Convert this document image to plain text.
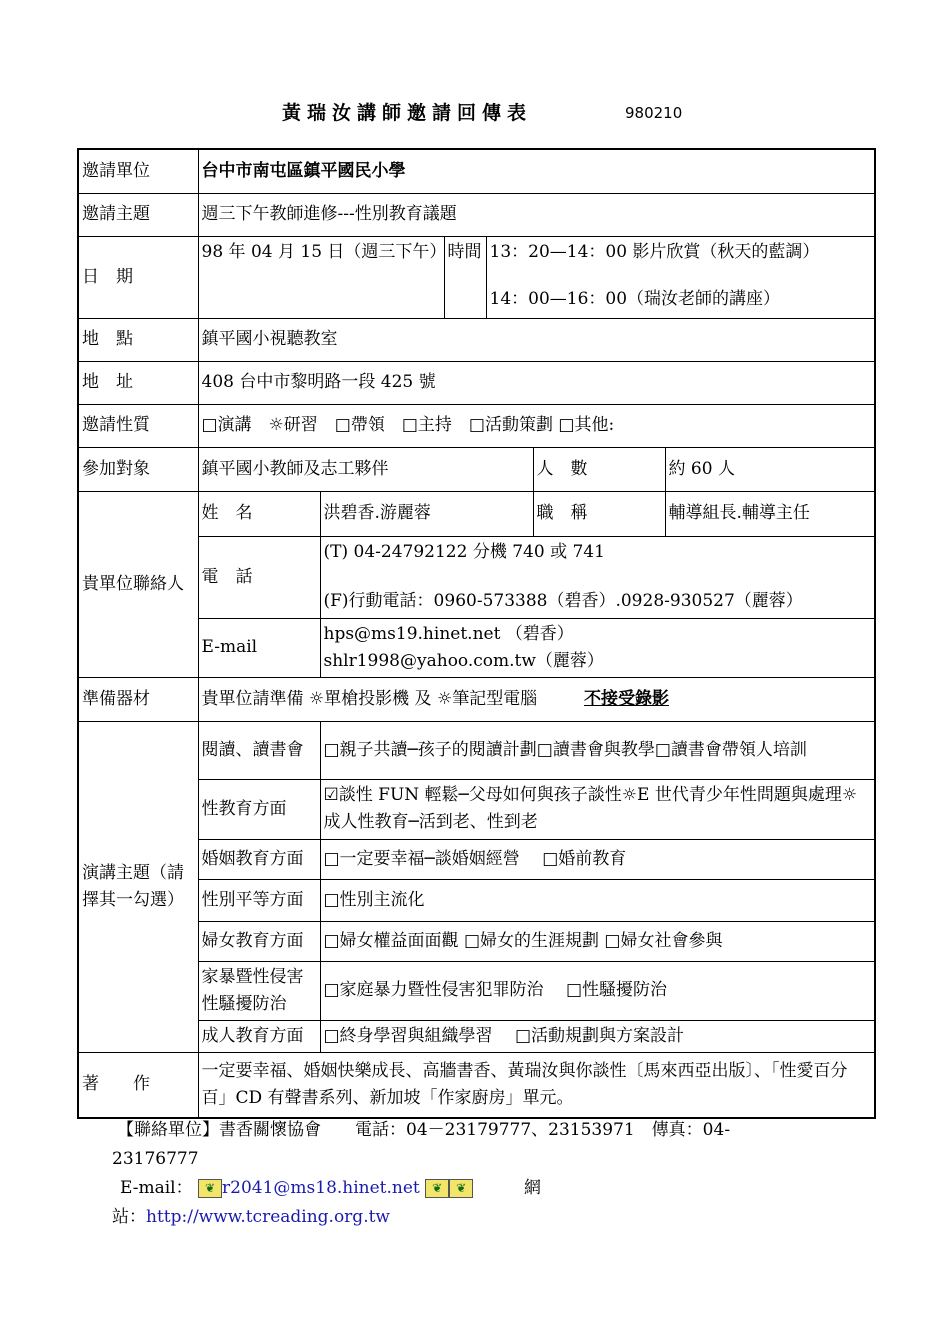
黃瑞汝講師邀請回傳表	980210
邀請單位	台中市南屯區鎮平國民小學					
邀請主題	週三下午教師進修---性別教育議題					
日　期	98 年 04 月 15 日（週三下午）		時間	13：20—14：00 影片欣賞（秋天的藍調）
14：00—16：00（瑞汝老師的講座）		

地　點	鎮平國小視聽教室					
地　址	408 台中市黎明路一段 425 號					
邀請性質	□演講　☼研習　□帶領　□主持　□活動策劃 □其他:					
參加對象	鎮平國小教師及志工夥伴				人　數	約 60 人
貴單位聯絡人	姓　名	洪碧香.游麗蓉			職　稱	輔導組長.輔導主任
	電　話	(T) 04-24792122 分機 740 或 741
(F)行動電話：0960-573388（碧香）.0928-930527（麗蓉）				

	E-mail	hps@ms19.hinet.net （碧香）
shlr1998@yahoo.com.tw（麗蓉）				

準備器材	貴單位請準備 ☼單槍投影機 及 ☼筆記型電腦 不接受錄影					
演講主題（請擇其一勾選）	閱讀、讀書會	□親子共讀─孩子的閱讀計劃□讀書會與教學□讀書會帶領人培訓				
	性教育方面	☑談性 FUN 輕鬆─父母如何與孩子談性☼E 世代青少年性問題與處理☼成人性教育─活到老、性到老				
	婚姻教育方面	□一定要幸福─談婚姻經營　 □婚前教育				
	性別平等方面	□性別主流化				
	婦女教育方面	□婦女權益面面觀 □婦女的生涯規劃 □婦女社會參與				
	家暴暨性侵害性騷擾防治	□家庭暴力暨性侵害犯罪防治　 □性騷擾防治				
	成人教育方面	□終身學習與組織學習　 □活動規劃與方案設計				
著　　作	一定要幸福、婚姻快樂成長、高牆書香、黃瑞汝與你談性〔馬來西亞出版〕、「性愛百分百」CD 有聲書系列、新加坡「作家廚房」單元。					
【聯絡單位】書香關懷協會　　電話：04－23179777、23153971　傳真：04-
23176777
E-mail： ❦ r2041@ms18.hinet.net ❦ ❦	網
站：http://www.tcreading.org.tw
